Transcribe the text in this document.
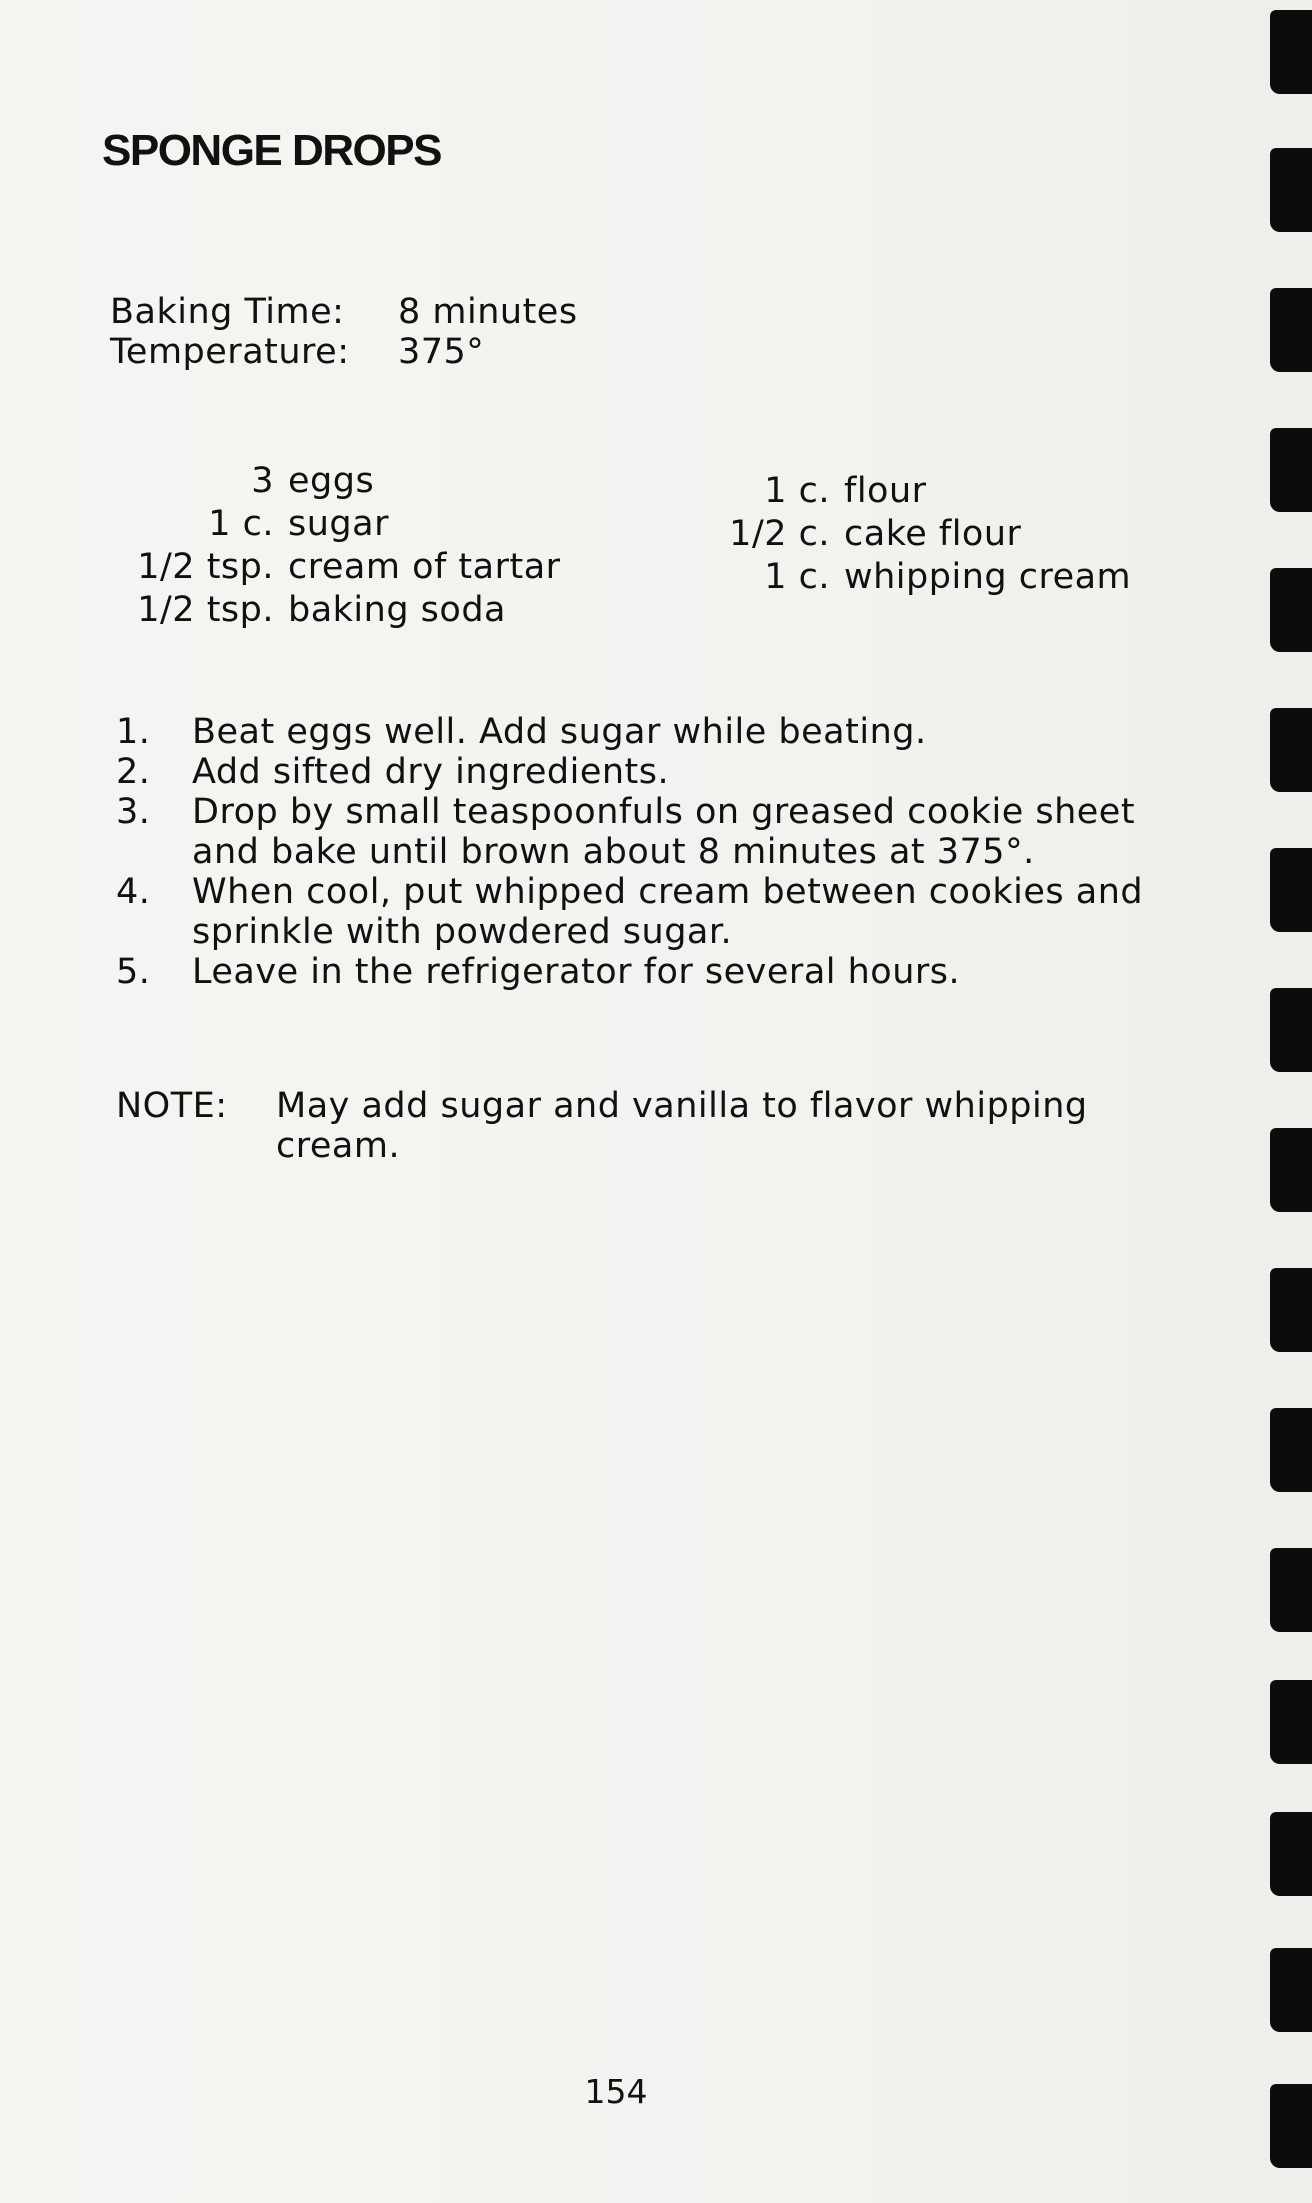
SPONGE DROPS
Baking Time:	8 minutes
Temperature:	375°
3 eggs
1 c. sugar
1/2 tsp. cream of tartar
1/2 tsp. baking soda
1 c. flour
1/2 c. cake flour
1 c. whipping cream
1.	Beat eggs well. Add sugar while beating.
2.	Add sifted dry ingredients.
3.	Drop by small teaspoonfuls on greased cookie sheet and bake until brown about 8 minutes at 375°.
4.	When cool, put whipped cream between cookies and sprinkle with powdered sugar.
5.	Leave in the refrigerator for several hours.
NOTE:	May add sugar and vanilla to flavor whipping cream.
154
